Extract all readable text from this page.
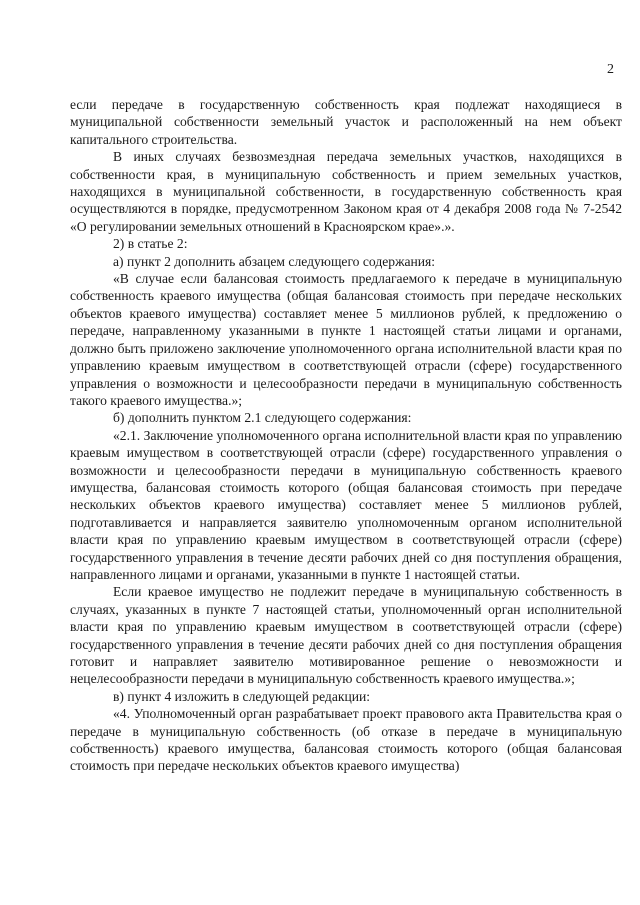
2

если передаче в государственную собственность края подлежат находящиеся в муниципальной собственности земельный участок и расположенный на нем объект капитального строительства.

В иных случаях безвозмездная передача земельных участков, находящихся в собственности края, в муниципальную собственность и прием земельных участков, находящихся в муниципальной собственности, в государственную собственность края осуществляются в порядке, предусмотренном Законом края от 4 декабря 2008 года № 7-2542 «О регулировании земельных отношений в Красноярском крае».».

2) в статье 2:

а) пункт 2 дополнить абзацем следующего содержания:

«В случае если балансовая стоимость предлагаемого к передаче в муниципальную собственность краевого имущества (общая балансовая стоимость при передаче нескольких объектов краевого имущества) составляет менее 5 миллионов рублей, к предложению о передаче, направленному указанными в пункте 1 настоящей статьи лицами и органами, должно быть приложено заключение уполномоченного органа исполнительной власти края по управлению краевым имуществом в соответствующей отрасли (сфере) государственного управления о возможности и целесообразности передачи в муниципальную собственность такого краевого имущества.»;

б) дополнить пунктом 2.1 следующего содержания:

«2.1. Заключение уполномоченного органа исполнительной власти края по управлению краевым имуществом в соответствующей отрасли (сфере) государственного управления о возможности и целесообразности передачи в муниципальную собственность краевого имущества, балансовая стоимость которого (общая балансовая стоимость при передаче нескольких объектов краевого имущества) составляет менее 5 миллионов рублей, подготавливается и направляется заявителю уполномоченным органом исполнительной власти края по управлению краевым имуществом в соответствующей отрасли (сфере) государственного управления в течение десяти рабочих дней со дня поступления обращения, направленного лицами и органами, указанными в пункте 1 настоящей статьи.

Если краевое имущество не подлежит передаче в муниципальную собственность в случаях, указанных в пункте 7 настоящей статьи, уполномоченный орган исполнительной власти края по управлению краевым имуществом в соответствующей отрасли (сфере) государственного управления в течение десяти рабочих дней со дня поступления обращения готовит и направляет заявителю мотивированное решение о невозможности и нецелесообразности передачи в муниципальную собственность краевого имущества.»;

в) пункт 4 изложить в следующей редакции:

«4. Уполномоченный орган разрабатывает проект правового акта Правительства края о передаче в муниципальную собственность (об отказе в передаче в муниципальную собственность) краевого имущества, балансовая стоимость которого (общая балансовая стоимость при передаче нескольких объектов краевого имущества)
